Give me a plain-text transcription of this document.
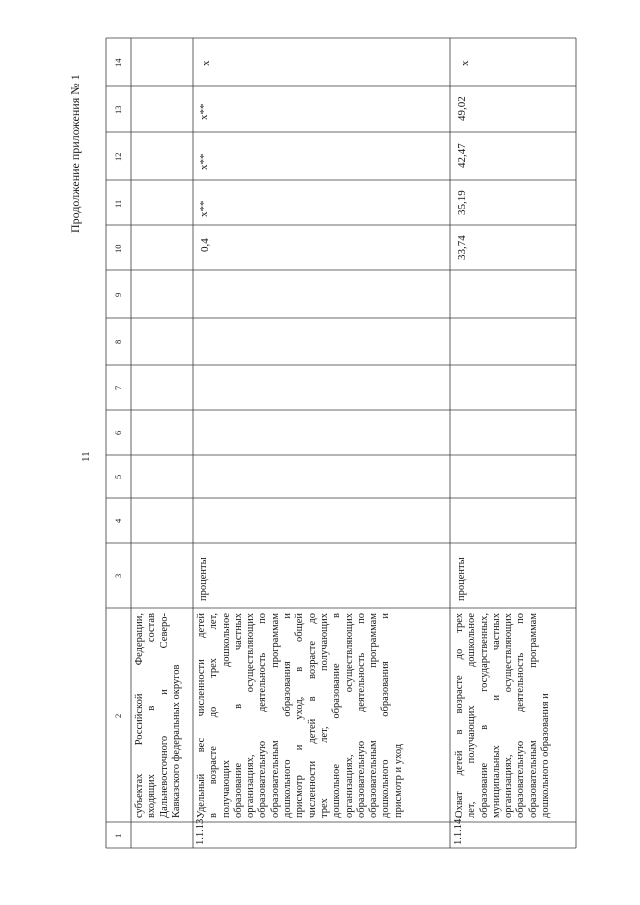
11
Продолжение приложения № 1
1
2
3
4
5
6
7
8
9
10
11
12
13
14
субъектах Российской Федерации, входящих в состав Дальневосточного и Северо- Кавказского федеральных округов
1.1.13.
Удельный вес численности детей в возрасте до трех лет, получающих дошкольное образование в частных организациях, осуществляющих образовательную деятельность по образовательным программам дошкольного образования и присмотр и уход, в общей численности детей в возрасте до трех лет, получающих дошкольное образование в организациях, осуществляющих образовательную деятельность по образовательным программам дошкольного образования и присмотр и уход
проценты
0,4
х**
х**
х**
х
1.1.14.
Охват детей в возрасте до трех лет, получающих дошкольное образование в государственных, муниципальных и частных организациях, осуществляющих образовательную деятельность по образовательным программам дошкольного образования и
проценты
33,74
35,19
42,47
49,02
х
